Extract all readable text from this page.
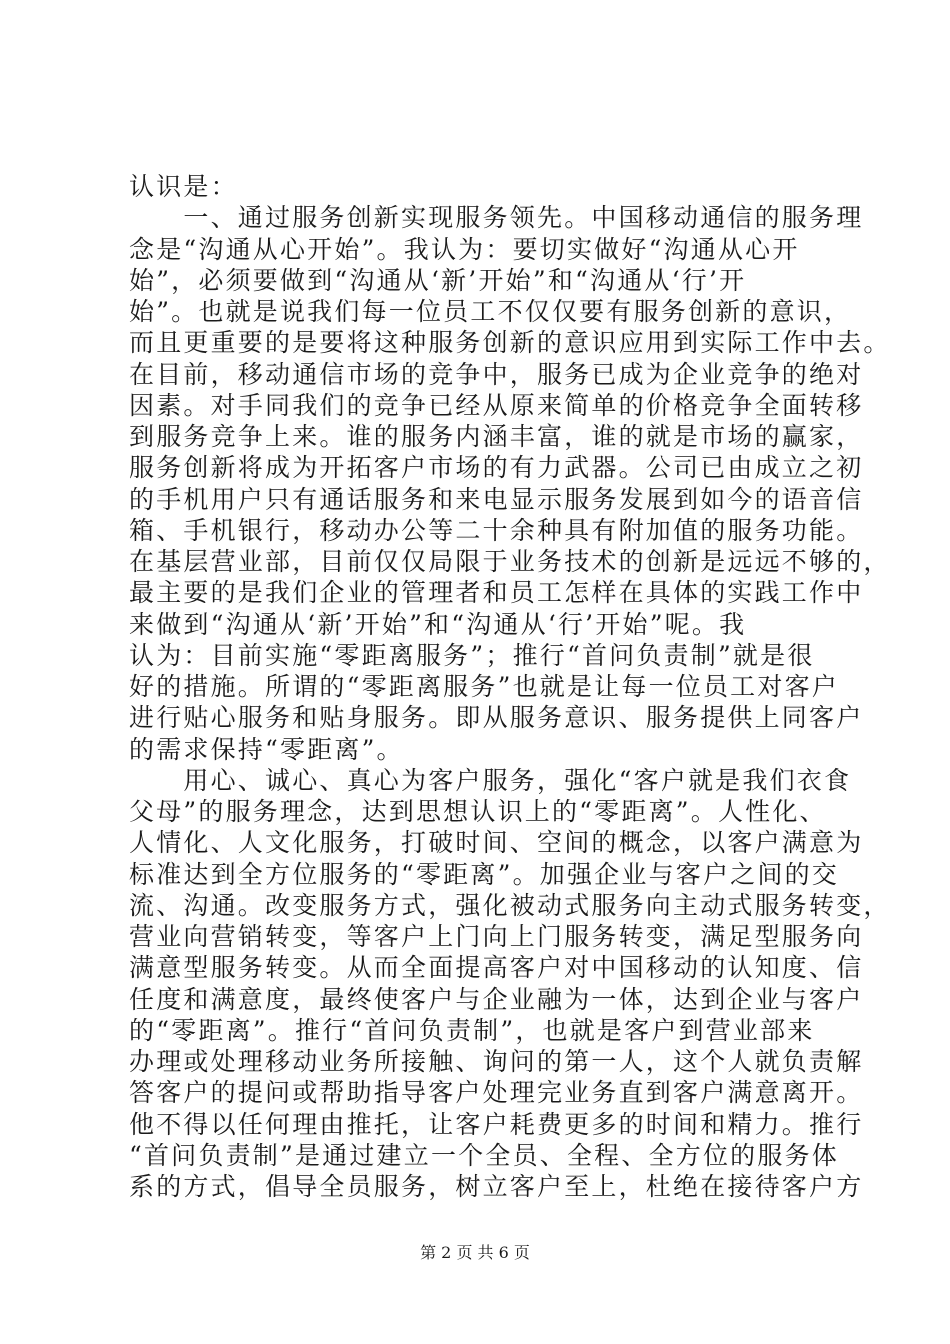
认识是：
　　一、通过服务创新实现服务领先。中国移动通信的服务理
念是“沟通从心开始”。我认为：要切实做好“沟通从心开
始”，必须要做到“沟通从‘新’开始”和“沟通从‘行’开
始”。也就是说我们每一位员工不仅仅要有服务创新的意识，
而且更重要的是要将这种服务创新的意识应用到实际工作中去。
在目前，移动通信市场的竞争中，服务已成为企业竞争的绝对
因素。对手同我们的竞争已经从原来简单的价格竞争全面转移
到服务竞争上来。谁的服务内涵丰富，谁的就是市场的赢家，
服务创新将成为开拓客户市场的有力武器。公司已由成立之初
的手机用户只有通话服务和来电显示服务发展到如今的语音信
箱、手机银行，移动办公等二十余种具有附加值的服务功能。
在基层营业部，目前仅仅局限于业务技术的创新是远远不够的，
最主要的是我们企业的管理者和员工怎样在具体的实践工作中
来做到“沟通从‘新’开始”和“沟通从‘行’开始”呢。我
认为：目前实施“零距离服务”；推行“首问负责制”就是很
好的措施。所谓的“零距离服务”也就是让每一位员工对客户
进行贴心服务和贴身服务。即从服务意识、服务提供上同客户
的需求保持“零距离”。
　　用心、诚心、真心为客户服务，强化“客户就是我们衣食
父母”的服务理念，达到思想认识上的“零距离”。人性化、
人情化、人文化服务，打破时间、空间的概念，以客户满意为
标准达到全方位服务的“零距离”。加强企业与客户之间的交
流、沟通。改变服务方式，强化被动式服务向主动式服务转变，
营业向营销转变，等客户上门向上门服务转变，满足型服务向
满意型服务转变。从而全面提高客户对中国移动的认知度、信
任度和满意度，最终使客户与企业融为一体，达到企业与客户
的“零距离”。推行“首问负责制”，也就是客户到营业部来
办理或处理移动业务所接触、询问的第一人，这个人就负责解
答客户的提问或帮助指导客户处理完业务直到客户满意离开。
他不得以任何理由推托，让客户耗费更多的时间和精力。推行
“首问负责制”是通过建立一个全员、全程、全方位的服务体
系的方式，倡导全员服务，树立客户至上，杜绝在接待客户方
第 2 页 共 6 页
